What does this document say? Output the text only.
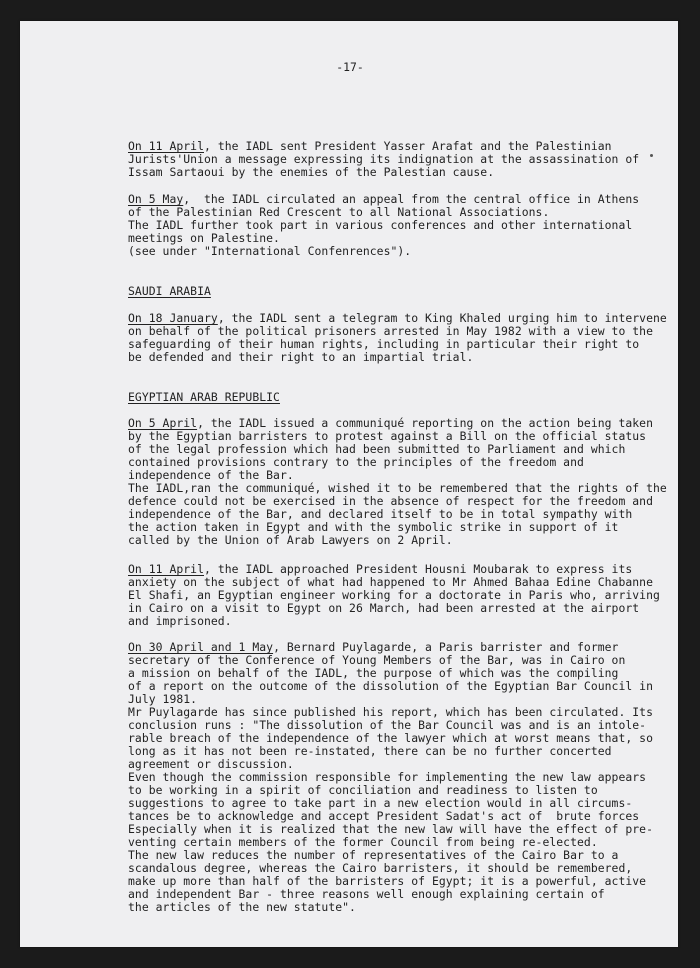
-17-
On 11 April, the IADL sent President Yasser Arafat and the Palestinian
Jurists'Union a message expressing its indignation at the assassination of
Issam Sartaoui by the enemies of the Palestian cause.
On 5 May,  the IADL circulated an appeal from the central office in Athens
of the Palestinian Red Crescent to all National Associations.
The IADL further took part in various conferences and other international
meetings on Palestine.
(see under "International Confenrences").
SAUDI ARABIA
On 18 January, the IADL sent a telegram to King Khaled urging him to intervene
on behalf of the political prisoners arrested in May 1982 with a view to the
safeguarding of their human rights, including in particular their right to
be defended and their right to an impartial trial.
EGYPTIAN ARAB REPUBLIC
On 5 April, the IADL issued a communiqué reporting on the action being taken
by the Egyptian barristers to protest against a Bill on the official status
of the legal profession which had been submitted to Parliament and which
contained provisions contrary to the principles of the freedom and
independence of the Bar.
The IADL,ran the communiqué, wished it to be remembered that the rights of the
defence could not be exercised in the absence of respect for the freedom and
independence of the Bar, and declared itself to be in total sympathy with
the action taken in Egypt and with the symbolic strike in support of it
called by the Union of Arab Lawyers on 2 April.
On 11 April, the IADL approached President Housni Moubarak to express its
anxiety on the subject of what had happened to Mr Ahmed Bahaa Edine Chabanne
El Shafi, an Egyptian engineer working for a doctorate in Paris who, arriving
in Cairo on a visit to Egypt on 26 March, had been arrested at the airport
and imprisoned.
On 30 April and 1 May, Bernard Puylagarde, a Paris barrister and former
secretary of the Conference of Young Members of the Bar, was in Cairo on
a mission on behalf of the IADL, the purpose of which was the compiling
of a report on the outcome of the dissolution of the Egyptian Bar Council in
July 1981.
Mr Puylagarde has since published his report, which has been circulated. Its
conclusion runs : "The dissolution of the Bar Council was and is an intole-
rable breach of the independence of the lawyer which at worst means that, so
long as it has not been re-instated, there can be no further concerted
agreement or discussion.
Even though the commission responsible for implementing the new law appears
to be working in a spirit of conciliation and readiness to listen to
suggestions to agree to take part in a new election would in all circums-
tances be to acknowledge and accept President Sadat's act of  brute forces
Especially when it is realized that the new law will have the effect of pre-
venting certain members of the former Council from being re-elected.
The new law reduces the number of representatives of the Cairo Bar to a
scandalous degree, whereas the Cairo barristers, it should be remembered,
make up more than half of the barristers of Egypt; it is a powerful, active
and independent Bar - three reasons well enough explaining certain of
the articles of the new statute".
